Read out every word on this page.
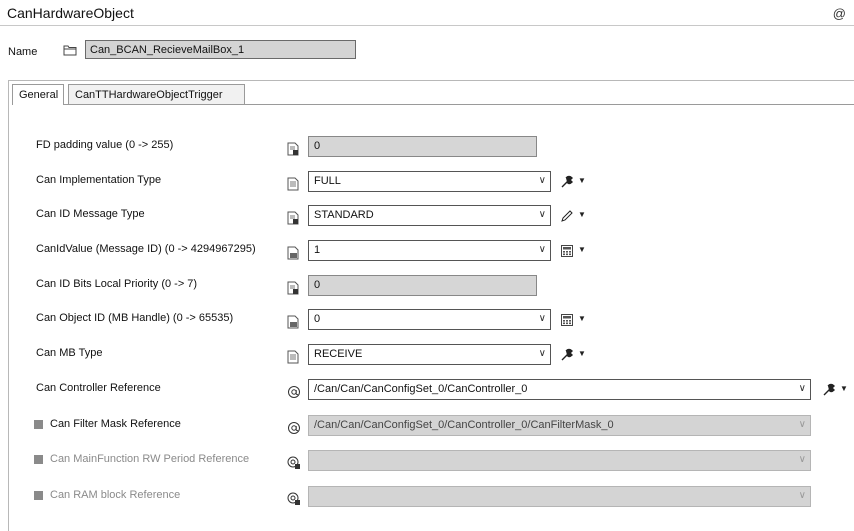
CanHardwareObject	@
Name
Can_BCAN_RecieveMailBox_1
General	CanTTHardwareObjectTrigger
FD padding value (0 -> 255)	0
Can Implementation Type	FULL	∨	▼
Can ID Message Type	STANDARD	∨	▼
CanIdValue (Message ID) (0 -> 4294967295)	1	∨	▼
Can ID Bits Local Priority (0 -> 7)	0
Can Object ID (MB Handle) (0 -> 65535)	0	∨	▼
Can MB Type	RECEIVE	∨	▼
Can Controller Reference	/Can/Can/CanConfigSet_0/CanController_0	∨	▼
Can Filter Mask Reference	/Can/Can/CanConfigSet_0/CanController_0/CanFilterMask_0	∨
Can MainFunction RW Period Reference	∨
Can RAM block Reference	∨
